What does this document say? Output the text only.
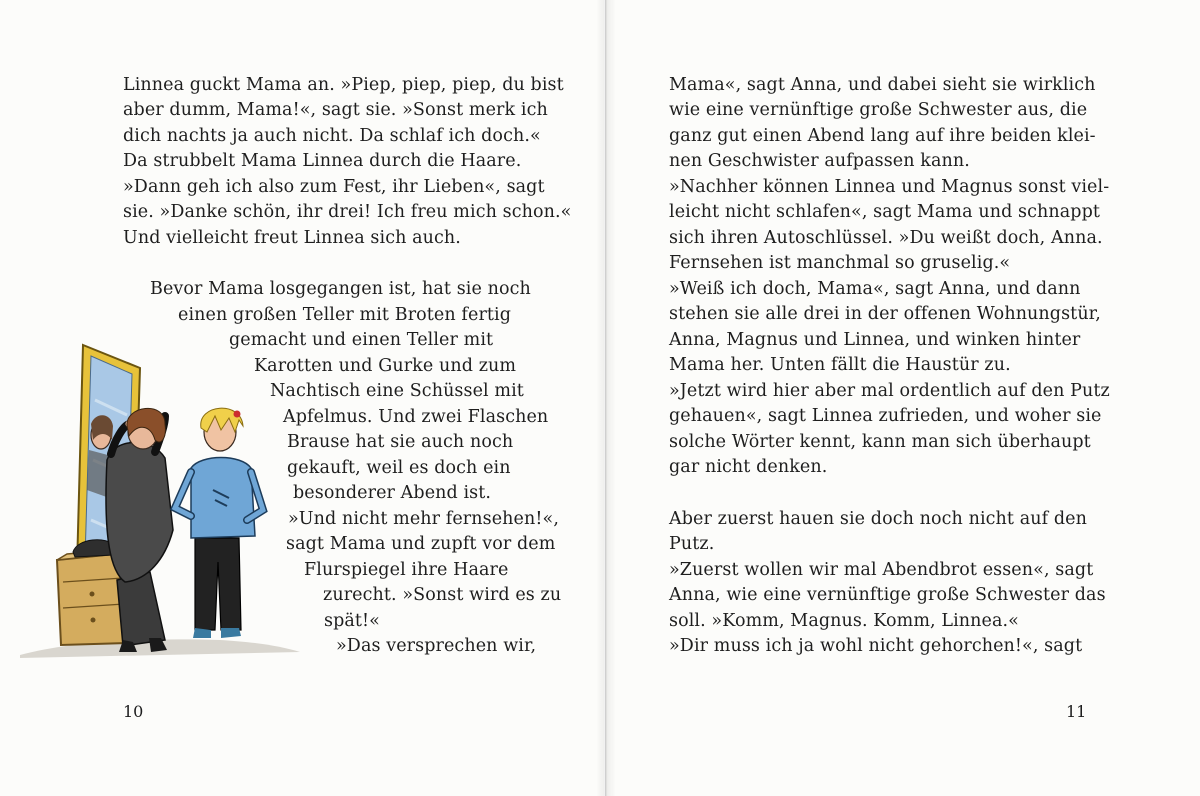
Linnea guckt Mama an. »Piep, piep, piep, du bist
aber dumm, Mama!«, sagt sie. »Sonst merk ich
dich nachts ja auch nicht. Da schlaf ich doch.«
Da strubbelt Mama Linnea durch die Haare.
»Dann geh ich also zum Fest, ihr Lieben«, sagt
sie. »Danke schön, ihr drei! Ich freu mich schon.«
Und vielleicht freut Linnea sich auch.
Bevor Mama losgegangen ist, hat sie noch
einen großen Teller mit Broten fertig
gemacht und einen Teller mit
Karotten und Gurke und zum
Nachtisch eine Schüssel mit
Apfelmus. Und zwei Flaschen
Brause hat sie auch noch
gekauft, weil es doch ein
besonderer Abend ist.
»Und nicht mehr fernsehen!«,
sagt Mama und zupft vor dem
Flurspiegel ihre Haare
zurecht. »Sonst wird es zu
spät!«
»Das versprechen wir,
10
Mama«, sagt Anna, und dabei sieht sie wirklich
wie eine vernünftige große Schwester aus, die
ganz gut einen Abend lang auf ihre beiden klei-
nen Geschwister aufpassen kann.
»Nachher können Linnea und Magnus sonst viel-
leicht nicht schlafen«, sagt Mama und schnappt
sich ihren Autoschlüssel. »Du weißt doch, Anna.
Fernsehen ist manchmal so gruselig.«
»Weiß ich doch, Mama«, sagt Anna, und dann
stehen sie alle drei in der offenen Wohnungstür,
Anna, Magnus und Linnea, und winken hinter
Mama her. Unten fällt die Haustür zu.
»Jetzt wird hier aber mal ordentlich auf den Putz
gehauen«, sagt Linnea zufrieden, und woher sie
solche Wörter kennt, kann man sich überhaupt
gar nicht denken.
Aber zuerst hauen sie doch noch nicht auf den
Putz.
»Zuerst wollen wir mal Abendbrot essen«, sagt
Anna, wie eine vernünftige große Schwester das
soll. »Komm, Magnus. Komm, Linnea.«
»Dir muss ich ja wohl nicht gehorchen!«, sagt
11
